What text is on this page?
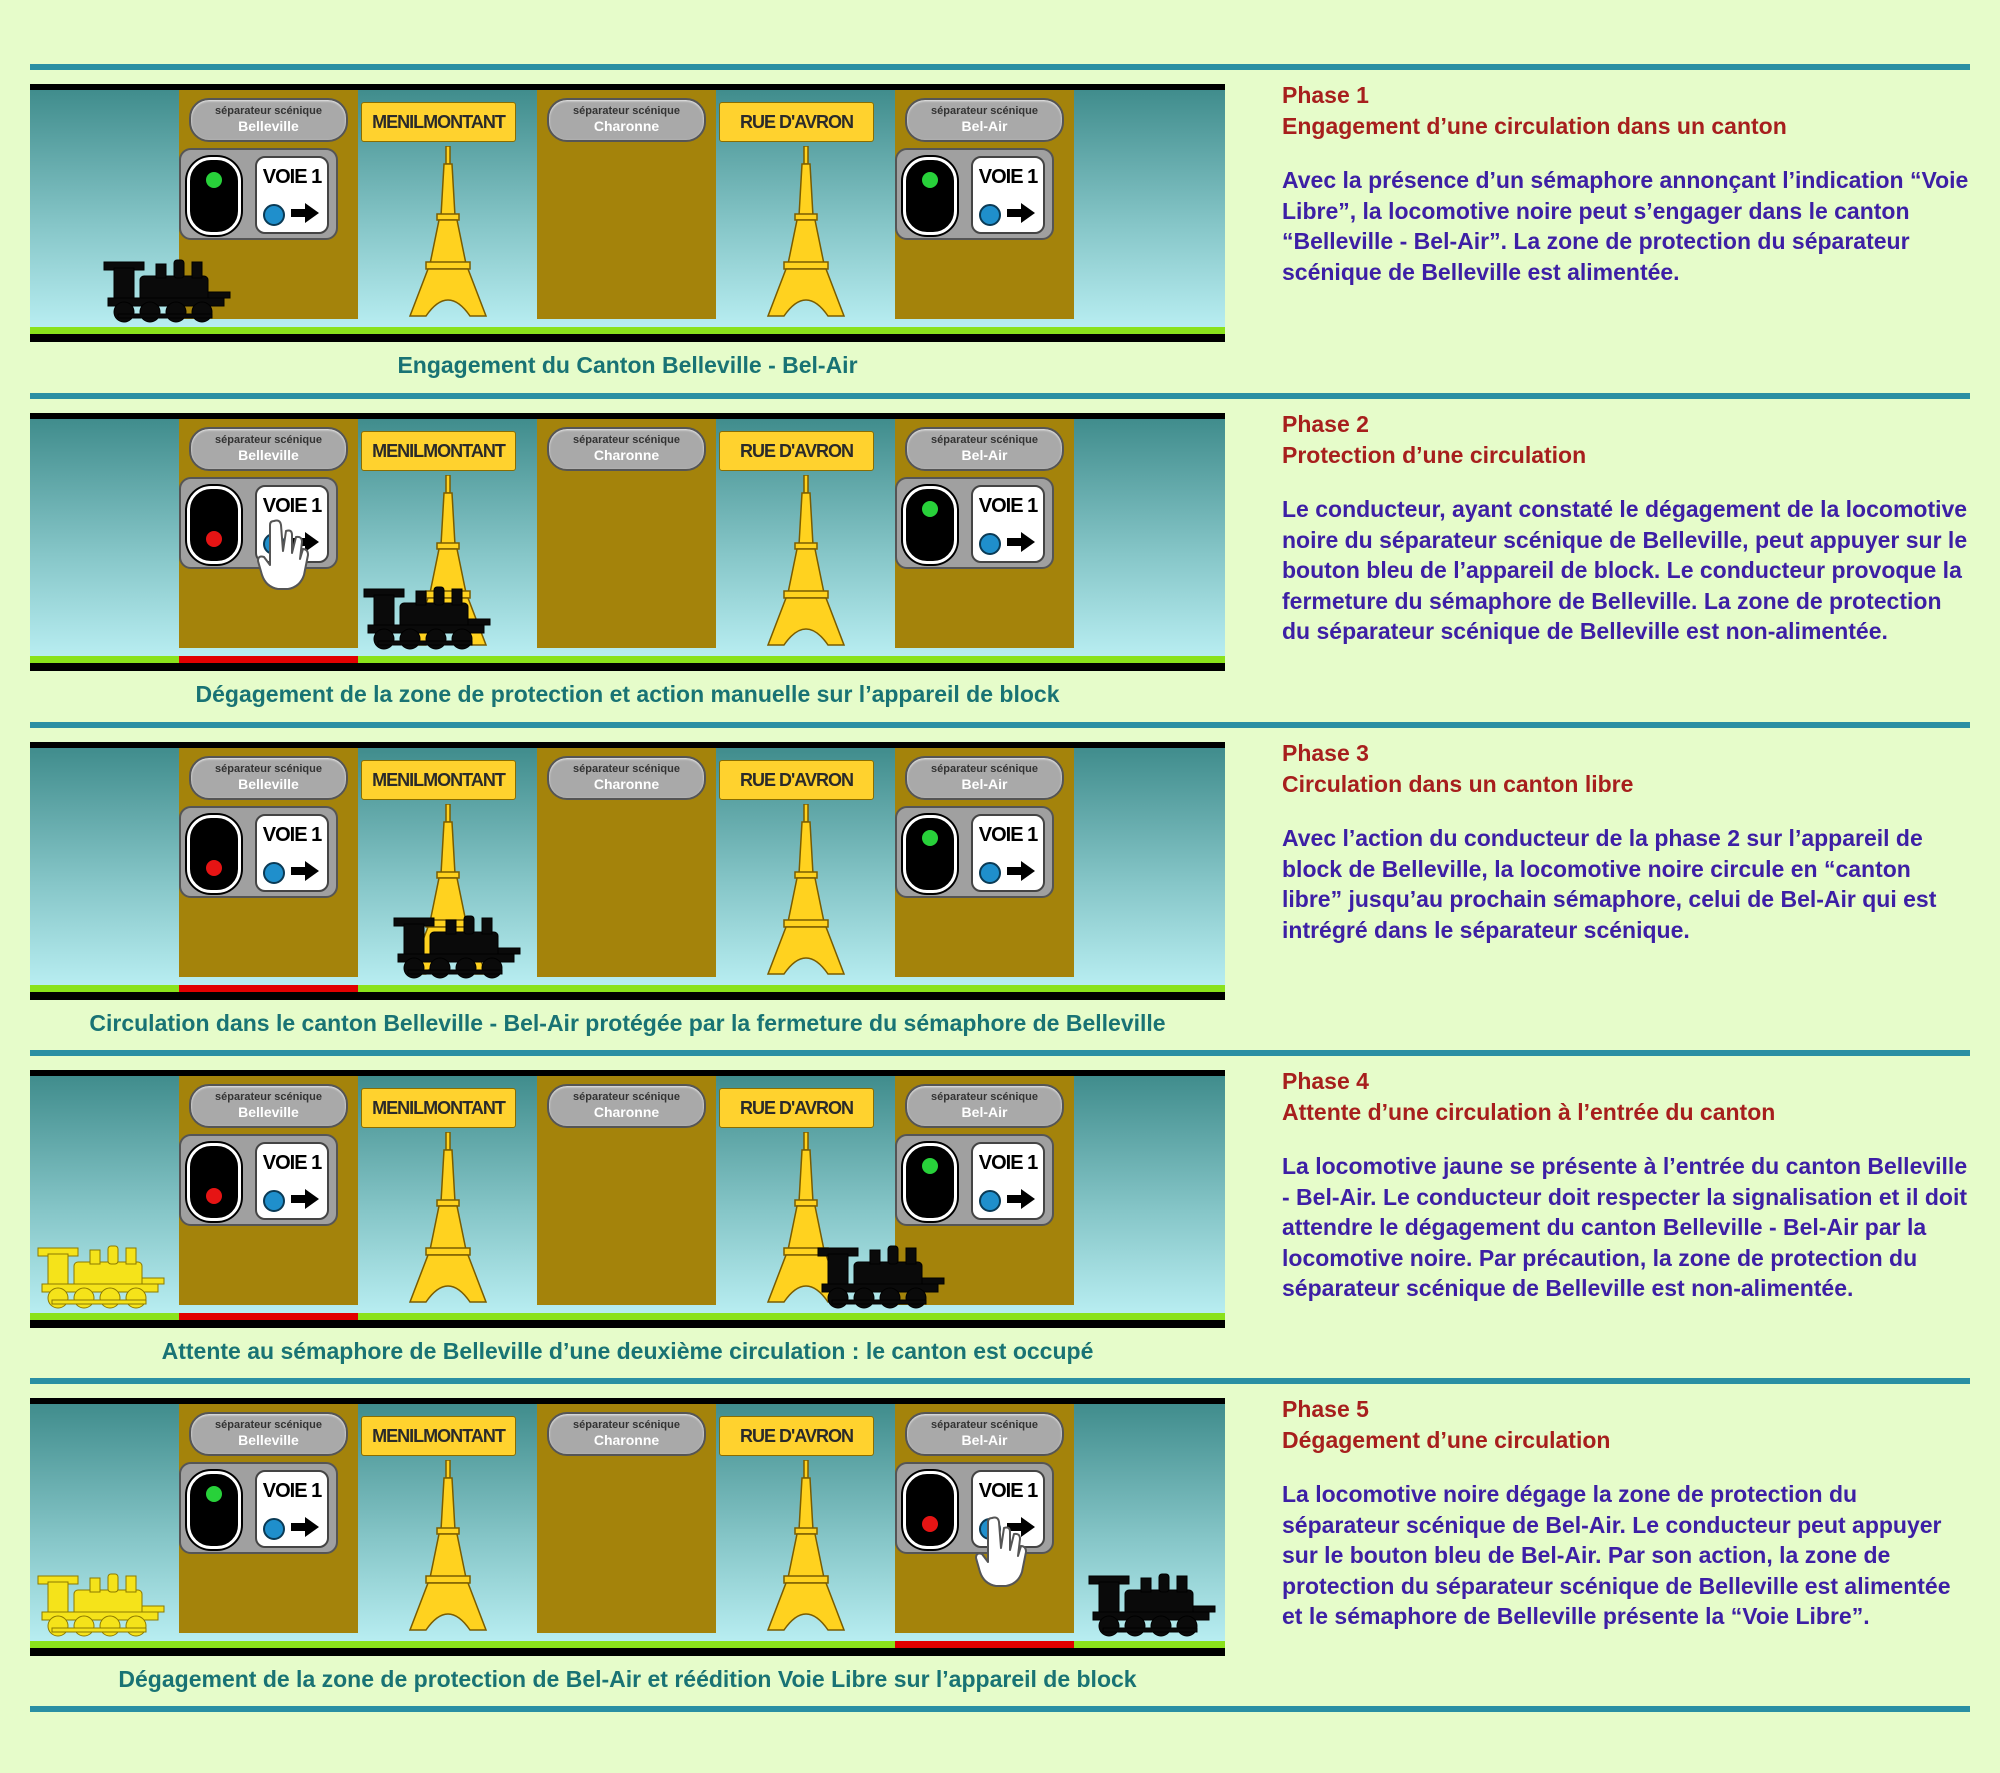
séparateur scénique
Belleville
VOIE 1
séparateur scénique
Charonne
séparateur scénique
Bel-Air
VOIE 1
MENILMONTANT	RUE D'AVRON
Engagement du Canton Belleville - Bel-Air
Phase 1
Engagement d’une circulation dans un canton
Avec la présence d’un sémaphore annonçant l’indication “Voie Libre”, la locomotive noire peut s’engager dans le canton “Belleville - Bel-Air”. La zone de protection du séparateur scénique de Belleville est alimentée.
séparateur scénique
Belleville
VOIE 1
séparateur scénique
Charonne
séparateur scénique
Bel-Air
VOIE 1
MENILMONTANT	RUE D'AVRON
Dégagement de la zone de protection et action manuelle sur l’appareil de block
Phase 2
Protection d’une circulation
Le conducteur, ayant constaté le dégagement de la locomotive noire du séparateur scénique de Belleville, peut appuyer sur le bouton bleu de l’appareil de block. Le conducteur provoque la fermeture du sémaphore de Belleville. La zone de protection du séparateur scénique de Belleville est non-alimentée.
séparateur scénique
Belleville
VOIE 1
séparateur scénique
Charonne
séparateur scénique
Bel-Air
VOIE 1
MENILMONTANT	RUE D'AVRON
Circulation dans le canton Belleville - Bel-Air protégée par la fermeture du sémaphore de Belleville
Phase 3
Circulation dans un canton libre
Avec l’action du conducteur de la phase 2 sur l’appareil de block de Belleville, la locomotive noire circule en “canton libre” jusqu’au prochain sémaphore, celui de Bel-Air qui est intrégré dans le séparateur scénique.
séparateur scénique
Belleville
VOIE 1
séparateur scénique
Charonne
séparateur scénique
Bel-Air
VOIE 1
MENILMONTANT	RUE D'AVRON
Attente au sémaphore de Belleville d’une deuxième circulation : le canton est occupé
Phase 4
Attente d’une circulation à l’entrée du canton
La locomotive jaune se présente à l’entrée du canton Belleville - Bel-Air. Le conducteur doit respecter la signalisation et il doit attendre le dégagement du canton Belleville - Bel-Air par la locomotive noire. Par précaution, la zone de protection du séparateur scénique de Belleville est non-alimentée.
séparateur scénique
Belleville
VOIE 1
séparateur scénique
Charonne
séparateur scénique
Bel-Air
VOIE 1
MENILMONTANT	RUE D'AVRON
Dégagement de la zone de protection de Bel-Air et réédition Voie Libre sur l’appareil de block
Phase 5
Dégagement d’une circulation
La locomotive noire dégage la zone de protection du séparateur scénique de Bel-Air. Le conducteur peut appuyer sur le bouton bleu de Bel-Air. Par son action, la zone de protection du séparateur scénique de Belleville est alimentée et le sémaphore de Belleville présente la “Voie Libre”.
